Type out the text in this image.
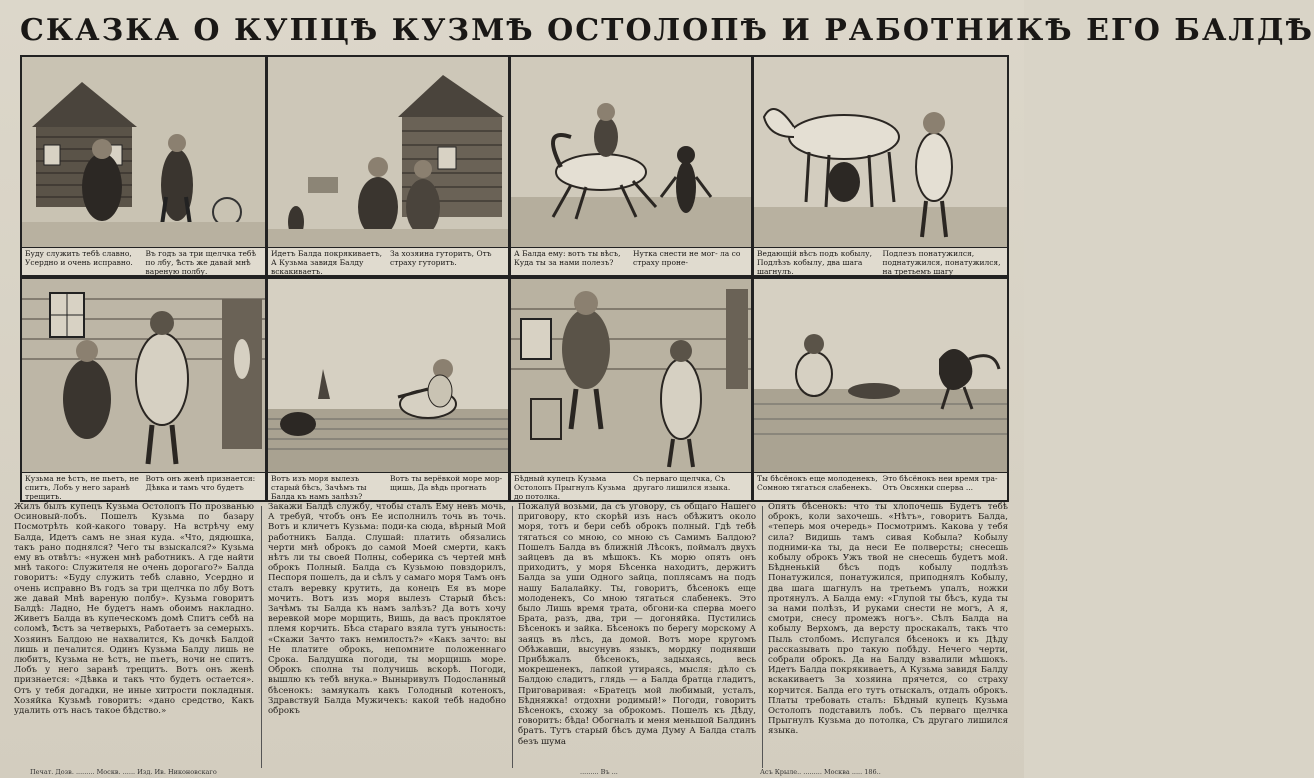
СКАЗКА О КУПЦѢ КУЗМѢ ОСТОЛОПѢ И РАБОТНИКѢ ЕГО БАЛДѢ
Буду служить тебѣ славно, Усердно и очень исправно.
Въ годъ за три щелчка тебѣ по лбу, Ѣсть же давай мнѣ вареную полбу.
Идетъ Балда покрякиваетъ, А Кузьма завидя Балду вскакиваетъ.
За хозяина гуторитъ, Отъ страху гуторитъ.
А Балда ему: вотъ ты вѣсъ, Куда ты за нами полезъ?
Нутка снести не мог- ла со страху проне-
Ведающій вѣсъ подъ кобылу, Подлѣзъ кобылу, два шага шагнулъ.
Подлезъ понатужился, поднатужился, понатужился, на третьемъ шагу
Кузьма не ѣстъ, не пьетъ, не спитъ, Лобъ у него заранѣ трещитъ.
Вотъ онъ женѣ признается: Дѣвка и тамъ что будетъ
Вотъ изъ моря вылезъ старый бѣсъ, Зачѣмъ ты Балда къ намъ залѣзъ?
Вотъ ты верёвкой море мор- щишь, Да вѣдь прогнать
Бѣдный купецъ Кузьма Остолопъ Прыгнулъ Кузьма до потолка.
Съ перваго щелчка, Съ другаго лишился языка.
Ты бѣсёнокъ еще молоденекъ, Сомною тягаться слабенекъ.
Это бѣсёнокъ неи время тра- Отъ Овсянки сперва ...
Жилъ былъ купецъ Кузьма Остолопъ По прозванью Осиновый-лобъ. Пошелъ Кузьма по базару Посмотрѣть кой-какого товару. На встрѣчу ему Балда, Идетъ самъ не зная куда. «Что, дядюшка, такъ рано поднялся? Чего ты взыскался?» Кузьма ему въ отвѣтъ: «нужен мнѣ работникъ. А где найти мнѣ такого: Служителя не очень дорогаго?» Балда говоритъ: «Буду служить тебѣ славно, Усердно и очень исправно Въ годъ за три щелчка по лбу Вотъ же давай Мнѣ вареную полбу». Кузьма говоритъ Балдѣ: Ладно, Не будетъ намъ обоимъ накладно. Живетъ Балда въ купеческомъ домѣ Спитъ себѣ на соломѣ, Ѣстъ за четверыхъ, Работаетъ за семерыхъ. Хозяинъ Балдою не нахвалится, Къ дочкѣ Балдой лишь и печалится. Одинъ Кузьма Балду лишь не любитъ, Кузьма не ѣстъ, не пьетъ, ночи не спитъ. Лобъ у него заранѣ трещитъ. Вотъ онъ женѣ признается: «Дѣвка и такъ что будетъ остается». Отъ у тебя догадки, не иные хитрости покладныя. Хозяйка Кузьмѣ говоритъ: «дано средство, Какъ удалить отъ насъ такое бѣдство.»
Закажи Балдѣ службу, чтобы сталъ Ему невъ мочь, А требуй, чтобъ онъ Ее исполнилъ точь въ точь. Вотъ и кличетъ Кузьма: поди-ка сюда, вѣрный Мой работникъ Балда. Слушай: платить обязались черти мнѣ оброкъ до самой Моей смерти, какъ нѣтъ ли ты своей Полны, соберика съ чертей мнѣ оброкъ Полный. Балда съ Кузьмою повздорилъ, Песпоря пошелъ, да и сѣлъ у самаго моря Тамъ онъ сталъ веревку крутить, да конецъ Ея въ море мочить. Вотъ изъ моря вылезъ Старый бѣсъ: Зачѣмъ ты Балда къ намъ залѣзъ? Да вотъ хочу веревкой море морщить, Вишь, да васъ проклятое племя корчить. Бѣса стараго взяла тутъ уныность: «Скажи Зачто такъ немилость?» «Какъ зачто: вы Не платите оброкъ, непомните положеннаго Срока. Балдушка погоди, ты морщишь море. Оброкъ сполна ты получишь вскорѣ. Погоди, вышлю къ тебѣ внука.» Выныривулъ Подосланный бѣсенокъ: замяукалъ какъ Голодный котенокъ, Здравствуй Балда Мужичекъ: какой тебѣ надобно оброкъ
Пожалуй возьми, да съ уговору, съ общаго Нашего приговору, кто скорѣй изъ насъ обѣжитъ около моря, тотъ и бери себѣ оброкъ полный. Гдѣ тебѣ тягаться со мною, со мною съ Самимъ Балдою? Пошелъ Балда въ ближній Лѣсокъ, поймалъ двухъ зайцевъ да въ мѣшокъ. Къ морю опять онъ приходитъ, у моря Бѣсенка находитъ, держитъ Балда за уши Одного зайца, поплясамъ на подъ нашу Балалайку. Ты, говоритъ, бѣсенокъ еще молоденекъ, Со мною тягаться слабенекъ. Это было Лишь время трата, обгони-ка сперва моего Брата, разъ, два, три — догоняйка. Пустились Бѣсенокъ и зайка. Бѣсенокъ по берегу морскому А заяцъ въ лѣсъ, да домой. Вотъ море кругомъ Обѣжавши, высунувъ языкъ, мордку поднявши Прибѣжалъ бѣсенокъ, задыхаясь, весь мокрешенекъ, лапкой утираясь, мысля: дѣло съ Балдою сладитъ, глядь — а Балда братца гладитъ, Приговаривая: «Братецъ мой любимый, усталъ, Бѣдняжка! отдохни родимый!» Погоди, говоритъ Бѣсенокъ, схожу за оброкомъ. Пошелъ къ Дѣду, говоритъ: бѣда! Обогналъ и меня меньшой Балдинъ братъ. Тутъ старый бѣсъ дума Думу А Балда сталъ безъ шума
Опять бѣсенокъ: что ты хлопочешь Будетъ тебѣ оброкъ, коли захочешь. «Нѣтъ», говоритъ Балда, «теперь моя очередь» Посмотримъ. Какова у тебя сила? Видишь тамъ сивая Кобыла? Кобылу подними-ка ты, да неси Ее полверсты; снесешь кобылу оброкъ Ужъ твой не снесешь будетъ мой. Бѣдненькій бѣсъ подъ кобылу подлѣзъ Понатужился, понатужился, приподнялъ Кобылу, два шага шагнулъ на третьемъ упалъ, ножки протянулъ. А Балда ему: «Глупой ты бѣсъ, куда ты за нами полѣзъ, И руками снести не могъ, А я, смотри, снесу промежъ ногъ». Сѣлъ Балда на кобылу Верхомъ, да версту проскакалъ, такъ что Пыль столбомъ. Испугался бѣсенокъ и къ Дѣду рассказывать про такую побѣду. Нечего черти, собрали оброкъ. Да на Балду взвалили мѣшокъ. Идетъ Балда покрякиваетъ, А Кузьма завидя Балду вскакиваетъ За хозяина прячется, со страху корчится. Балда его тутъ отыскалъ, отдалъ оброкъ. Платы требовать сталъ: Бѣдный купецъ Кузьма Остолопъ подставилъ лобъ. Съ перваго щелчка Прыгнулъ Кузьма до потолка, Съ другаго лишился языка.
Печат. Дозв. ......... Москв. ...... Изд. Ив. Никоновскаго	......... Въ ...	Асъ Крыле.. ......... Москва ..... 186..
